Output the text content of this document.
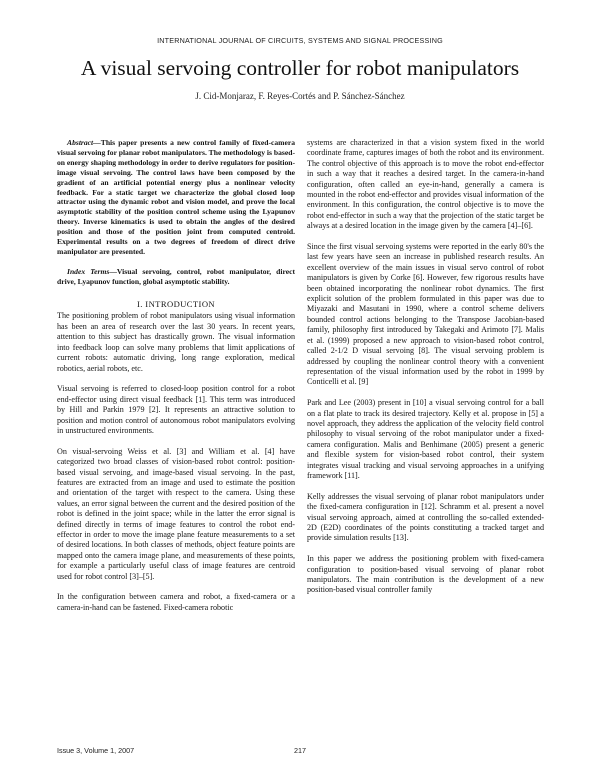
INTERNATIONAL JOURNAL OF CIRCUITS, SYSTEMS AND SIGNAL PROCESSING
A visual servoing controller for robot manipulators
J. Cid-Monjaraz, F. Reyes-Cortés and P. Sánchez-Sánchez

Abstract—This paper presents a new control family of fixed-camera visual servoing for planar robot manipulators. The methodology is based-on energy shaping methodology in order to derive regulators for position-image visual servoing. The control laws have been composed by the gradient of an artificial potential energy plus a nonlinear velocity feedback. For a static target we characterize the global closed loop attractor using the dynamic robot and vision model, and prove the local asymptotic stability of the position control scheme using the Lyapunov theory. Inverse kinematics is used to obtain the angles of the desired position and those of the position joint from computed centroid. Experimental results on a two degrees of freedom of direct drive manipulator are presented.

Index Terms—Visual servoing, control, robot manipulator, direct drive, Lyapunov function, global asymptotic stability.

I. INTRODUCTION

The positioning problem of robot manipulators using visual information has been an area of research over the last 30 years. In recent years, attention to this subject has drastically grown. The visual information into feedback loop can solve many problems that limit applications of current robots: automatic driving, long range exploration, medical robotics, aerial robots, etc.

Visual servoing is referred to closed-loop position control for a robot end-effector using direct visual feedback [1]. This term was introduced by Hill and Parkin 1979 [2]. It represents an attractive solution to position and motion control of autonomous robot manipulators evolving in unstructured environments.

On visual-servoing Weiss et al. [3] and William et al. [4] have categorized two broad classes of vision-based robot control: position-based visual servoing, and image-based visual servoing. In the past, features are extracted from an image and used to estimate the position and orientation of the target with respect to the camera. Using these values, an error signal between the current and the desired position of the robot is defined in the joint space; while in the latter the error signal is defined directly in terms of image features to control the robot end-effector in order to move the image plane feature measurements to a set of desired locations. In both classes of methods, object feature points are mapped onto the camera image plane, and measurements of these points, for example a particularly useful class of image features are centroid used for robot control [3]–[5].

In the configuration between camera and robot, a fixed-camera or a camera-in-hand can be fastened. Fixed-camera robotic

systems are characterized in that a vision system fixed in the world coordinate frame, captures images of both the robot and its environment. The control objective of this approach is to move the robot end-effector in such a way that it reaches a desired target. In the camera-in-hand configuration, often called an eye-in-hand, generally a camera is mounted in the robot end-effector and provides visual information of the environment. In this configuration, the control objective is to move the robot end-effector in such a way that the projection of the static target be always at a desired location in the image given by the camera [4]–[6].

Since the first visual servoing systems were reported in the early 80's the last few years have seen an increase in published research results. An excellent overview of the main issues in visual servo control of robot manipulators is given by Corke [6]. However, few rigorous results have been obtained incorporating the nonlinear robot dynamics. The first explicit solution of the problem formulated in this paper was due to Miyazaki and Masutani in 1990, where a control scheme delivers bounded control actions belonging to the Transpose Jacobian-based family, philosophy first introduced by Takegaki and Arimoto [7]. Malis et al. (1999) proposed a new approach to vision-based robot control, called 2-1/2 D visual servoing [8]. The visual servoing problem is addressed by coupling the nonlinear control theory with a convenient representation of the visual information used by the robot in 1999 by Conticelli et al. [9]

Park and Lee (2003) present in [10] a visual servoing control for a ball on a flat plate to track its desired trajectory. Kelly et al. propose in [5] a novel approach, they address the application of the velocity field control philosophy to visual servoing of the robot manipulator under a fixed-camera configuration. Malis and Benhimane (2005) present a generic and flexible system for vision-based robot control, their system integrates visual tracking and visual servoing approaches in a unifying framework [11].

Kelly addresses the visual servoing of planar robot manipulators under the fixed-camera configuration in [12]. Schramm et al. present a novel visual servoing approach, aimed at controlling the so-called extended-2D (E2D) coordinates of the points constituting a tracked target and provide simulation results [13].

In this paper we address the positioning problem with fixed-camera configuration to position-based visual servoing of planar robot manipulators. The main contribution is the development of a new position-based visual controller family

Issue 3, Volume 1, 2007	217
